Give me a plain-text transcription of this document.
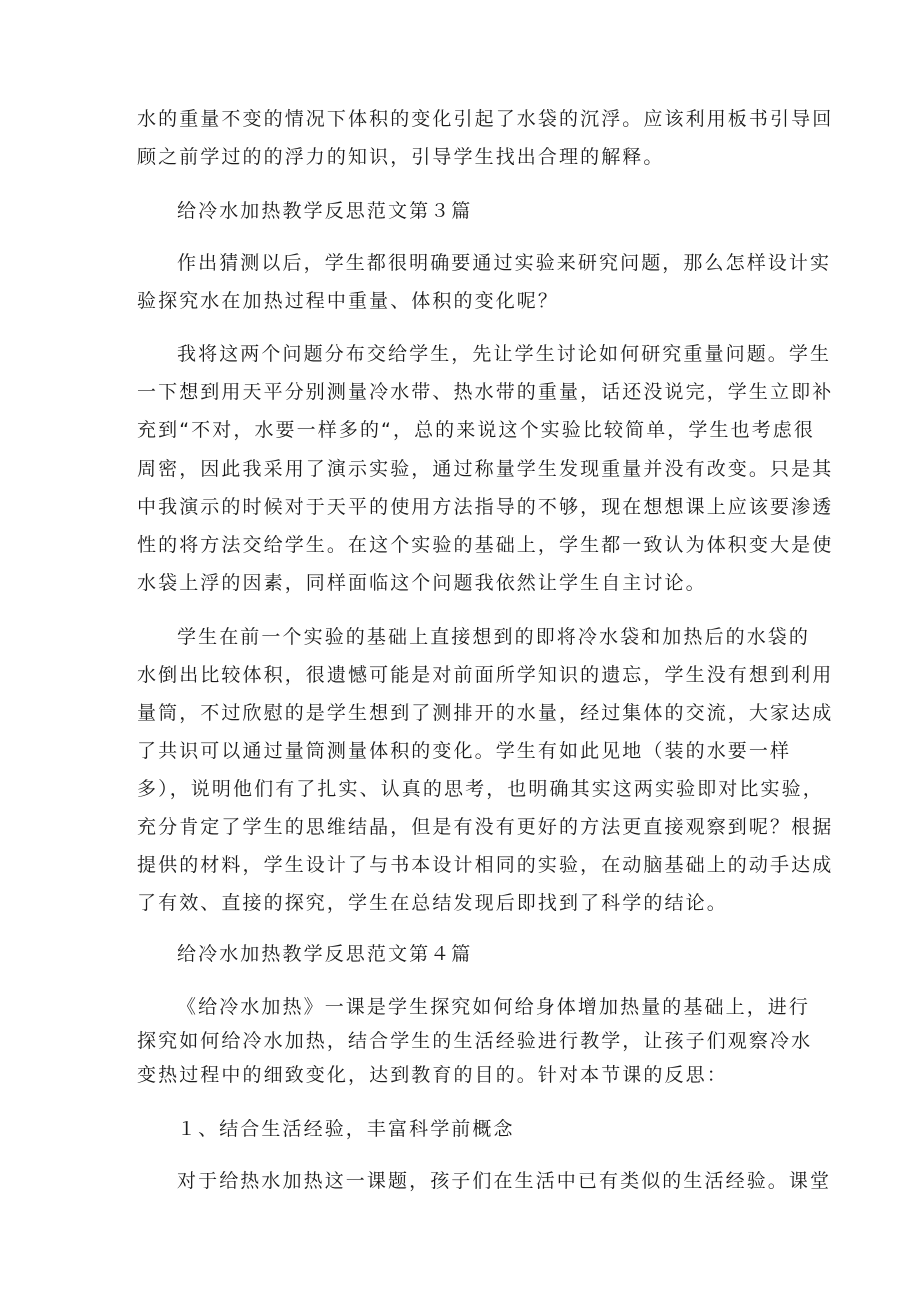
水的重量不变的情况下体积的变化引起了水袋的沉浮。应该利用板书引导回
顾之前学过的的浮力的知识，引导学生找出合理的解释。
给冷水加热教学反思范文第３篇
作出猜测以后，学生都很明确要通过实验来研究问题，那么怎样设计实
验探究水在加热过程中重量、体积的变化呢？
我将这两个问题分布交给学生，先让学生讨论如何研究重量问题。学生
一下想到用天平分别测量冷水带、热水带的重量，话还没说完，学生立即补
充到“不对，水要一样多的“，总的来说这个实验比较简单，学生也考虑很
周密，因此我采用了演示实验，通过称量学生发现重量并没有改变。只是其
中我演示的时候对于天平的使用方法指导的不够，现在想想课上应该要渗透
性的将方法交给学生。在这个实验的基础上，学生都一致认为体积变大是使
水袋上浮的因素，同样面临这个问题我依然让学生自主讨论。
学生在前一个实验的基础上直接想到的即将冷水袋和加热后的水袋的
水倒出比较体积，很遗憾可能是对前面所学知识的遗忘，学生没有想到利用
量筒，不过欣慰的是学生想到了测排开的水量，经过集体的交流，大家达成
了共识可以通过量筒测量体积的变化。学生有如此见地（装的水要一样
多），说明他们有了扎实、认真的思考，也明确其实这两实验即对比实验，
充分肯定了学生的思维结晶，但是有没有更好的方法更直接观察到呢？根据
提供的材料，学生设计了与书本设计相同的实验，在动脑基础上的动手达成
了有效、直接的探究，学生在总结发现后即找到了科学的结论。
给冷水加热教学反思范文第４篇
《给冷水加热》一课是学生探究如何给身体增加热量的基础上，进行
探究如何给冷水加热，结合学生的生活经验进行教学，让孩子们观察冷水
变热过程中的细致变化，达到教育的目的。针对本节课的反思：
１、结合生活经验，丰富科学前概念
对于给热水加热这一课题，孩子们在生活中已有类似的生活经验。课堂
